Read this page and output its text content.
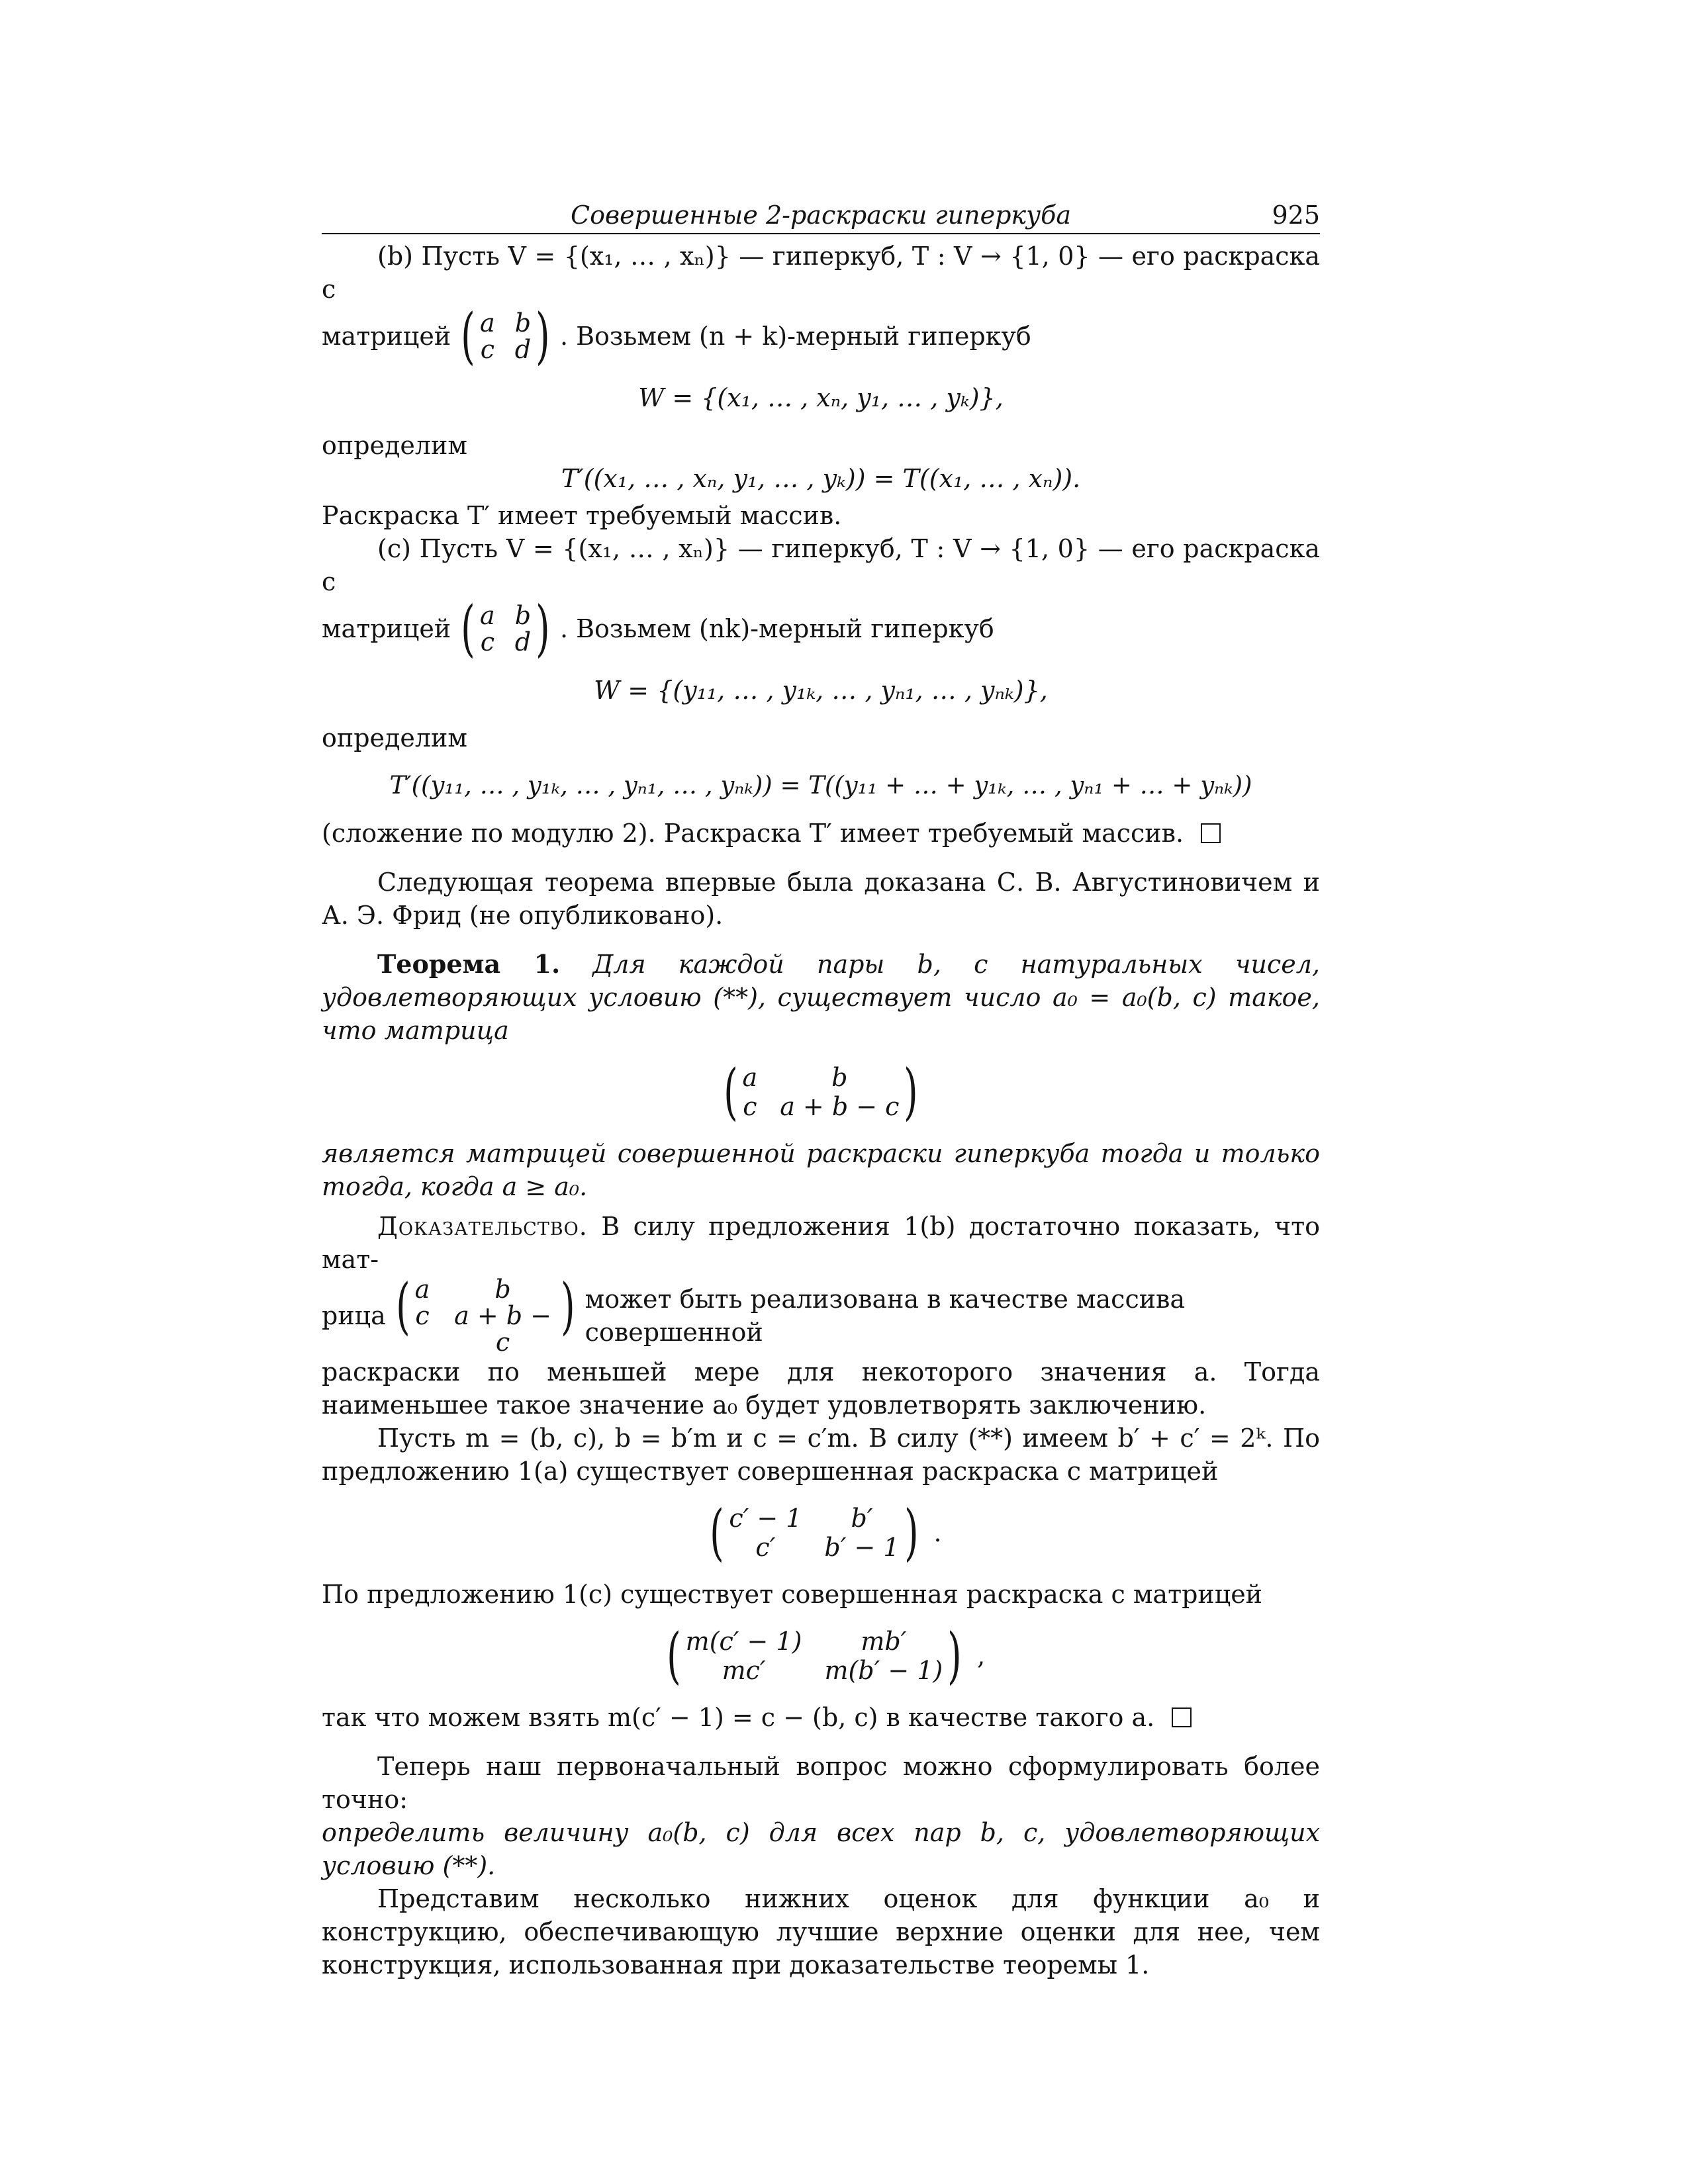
Совершенные 2-раскраски гиперкуба	925

(b) Пусть V = {(x₁, … , xₙ)} — гиперкуб, T : V → {1, 0} — его раскраска с

матрицей ( a b
c d ) . Возьмем (n + k)-мерный гиперкуб

W = {(x₁, … , xₙ, y₁, … , yₖ)},

определим

T′((x₁, … , xₙ, y₁, … , yₖ)) = T((x₁, … , xₙ)).

Раскраска T′ имеет требуемый массив.

(c) Пусть V = {(x₁, … , xₙ)} — гиперкуб, T : V → {1, 0} — его раскраска с

матрицей ( a b
c d ) . Возьмем (nk)-мерный гиперкуб

W = {(y₁₁, … , y₁ₖ, … , yₙ₁, … , yₙₖ)},

определим

T′((y₁₁, … , y₁ₖ, … , yₙ₁, … , yₙₖ)) = T((y₁₁ + … + y₁ₖ, … , yₙ₁ + … + yₙₖ))

(сложение по модулю 2). Раскраска T′ имеет требуемый массив.

Следующая теорема впервые была доказана С. В. Августиновичем и А. Э. Фрид (не опубликовано).

Теорема 1. Для каждой пары b, c натуральных чисел, удовлетворяющих условию (**), существует число a₀ = a₀(b, c) такое, что матрица

( a	b
c a + b − c )

является матрицей совершенной раскраски гиперкуба тогда и только тогда, когда a ≥ a₀.

Доказательство. В силу предложения 1(b) достаточно показать, что мат-

рица ( a	b
c a + b − c
) может быть реализована в качестве массива совершенной

раскраски по меньшей мере для некоторого значения a. Тогда наименьшее такое значение a₀ будет удовлетворять заключению.

Пусть m = (b, c), b = b′m и c = c′m. В силу (**) имеем b′ + c′ = 2ᵏ. По предложению 1(a) существует совершенная раскраска с матрицей

( c′ − 1	b′
c′	b′ − 1 ) .

По предложению 1(c) существует совершенная раскраска с матрицей

( m(c′ − 1)	mb′
mc′	m(b′ − 1) ) ,

так что можем взять m(c′ − 1) = c − (b, c) в качестве такого a.

Теперь наш первоначальный вопрос можно сформулировать более точно:

определить величину a₀(b, c) для всех пар b, c, удовлетворяющих условию (**).

Представим несколько нижних оценок для функции a₀ и конструкцию, обеспечивающую лучшие верхние оценки для нее, чем конструкция, использованная при доказательстве теоремы 1.
